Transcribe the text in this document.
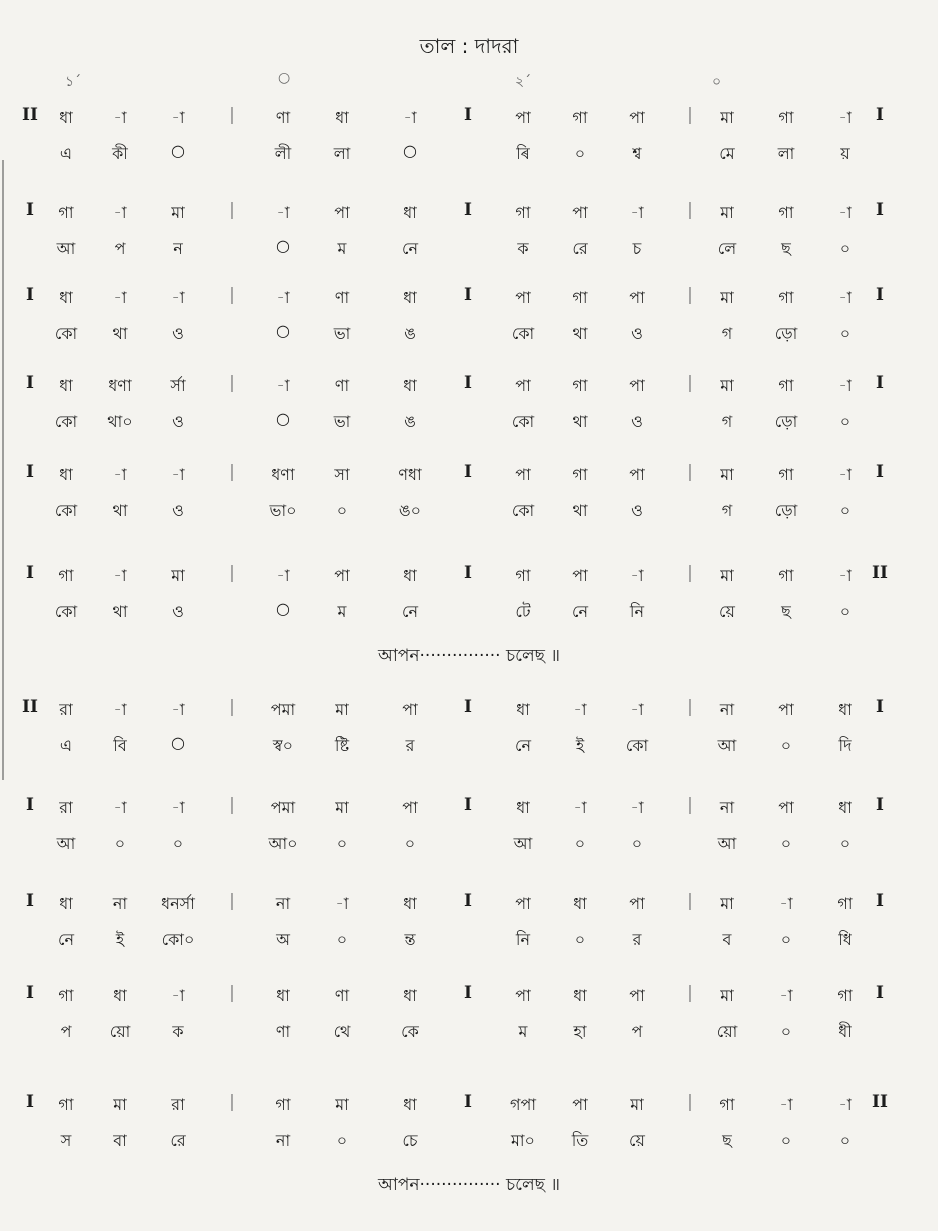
তাল : দাদরা
১´	○	২´	০
II	|	I	|	I
ধা	-া	-া	ণা	ধা	-া	পা	গা	পা	মা	গা	-া
এ	কী	○	লী	লা	○	ৰি	০	শ্ব	মে	লা	য়
I	|	I	|	I
গা	-া	মা	-া	পা	ধা	গা	পা	-া	মা	গা	-া
আ	প	ন	○	ম	নে	ক	রে	চ	লে	ছ	০
I	|	I	|	I
ধা	-া	-া	-া	ণা	ধা	পা	গা	পা	মা	গা	-া
কো	থা	ও	○	ভা	ঙ	কো	থা	ও	গ	ড়ো	০
I	|	I	|	I
ধা	ধণা	র্সা	-া	ণা	ধা	পা	গা	পা	মা	গা	-া
কো	থা০	ও	○	ভা	ঙ	কো	থা	ও	গ	ড়ো	০
I	|	I	|	I
ধা	-া	-া	ধণা	সা	ণধা	পা	গা	পা	মা	গা	-া
কো	থা	ও	ভা০	০	ঙ০	কো	থা	ও	গ	ড়ো	০
I	|	I	|	II
গা	-া	মা	-া	পা	ধা	গা	পা	-া	মা	গা	-া
কো	থা	ও	○	ম	নে	টে	নে	নি	য়ে	ছ	০
II	|	I	|	I
রা	-া	-া	পমা	মা	পা	ধা	-া	-া	না	পা	ধা
এ	বি	○	স্ব০	ষ্টি	র	নে	ই	কো	আ	০	দি
I	|	I	|	I
রা	-া	-া	পমা	মা	পা	ধা	-া	-া	না	পা	ধা
আ	০	০	আ০	০	০	আ	০	০	আ	০	০
I	|	I	|	I
ধা	না	ধনর্সা	না	-া	ধা	পা	ধা	পা	মা	-া	গা
নে	ই	কো০	অ	০	ন্ত	নি	০	র	ব	০	ধি
I	|	I	|	I
গা	ধা	-া	ধা	ণা	ধা	পা	ধা	পা	মা	-া	গা
প	য়ো	ক	ণা	থে	কে	ম	হা	প	য়ো	০	ধী
I	|	I	|	II
গা	মা	রা	গা	মা	ধা	গপা	পা	মা	গা	-া	-া
স	বা	রে	না	০	চে	মা০	তি	য়ে	ছ	০	০
আপন··············· চলেছ ॥
আপন··············· চলেছ ॥
